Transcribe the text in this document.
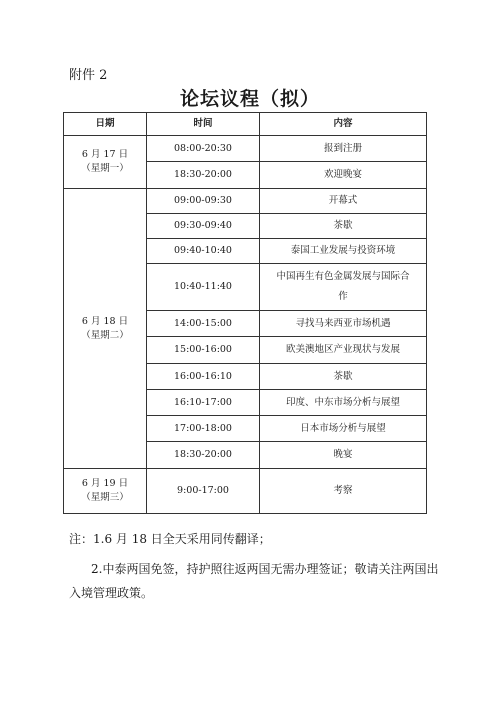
附件 2
论坛议程（拟）
日期	时间	内容

6 月 17 日
（星期一）	08:00-20:30	报到注册
	18:30-20:00	欢迎晚宴

6 月 18 日
（星期二）	09:00-09:30	开幕式
	09:30-09:40	茶歇
	09:40-10:40	泰国工业发展与投资环境
	10:40-11:40	中国再生有色金属发展与国际合作
	14:00-15:00	寻找马来西亚市场机遇
	15:00-16:00	欧美澳地区产业现状与发展
	16:00-16:10	茶歇
	16:10-17:00	印度、中东市场分析与展望
	17:00-18:00	日本市场分析与展望
	18:30-20:00	晚宴

6 月 19 日
（星期三）	9:00-17:00	考察
注：1.6 月 18 日全天采用同传翻译；
2.中泰两国免签，持护照往返两国无需办理签证；敬请关注两国出入境管理政策。
